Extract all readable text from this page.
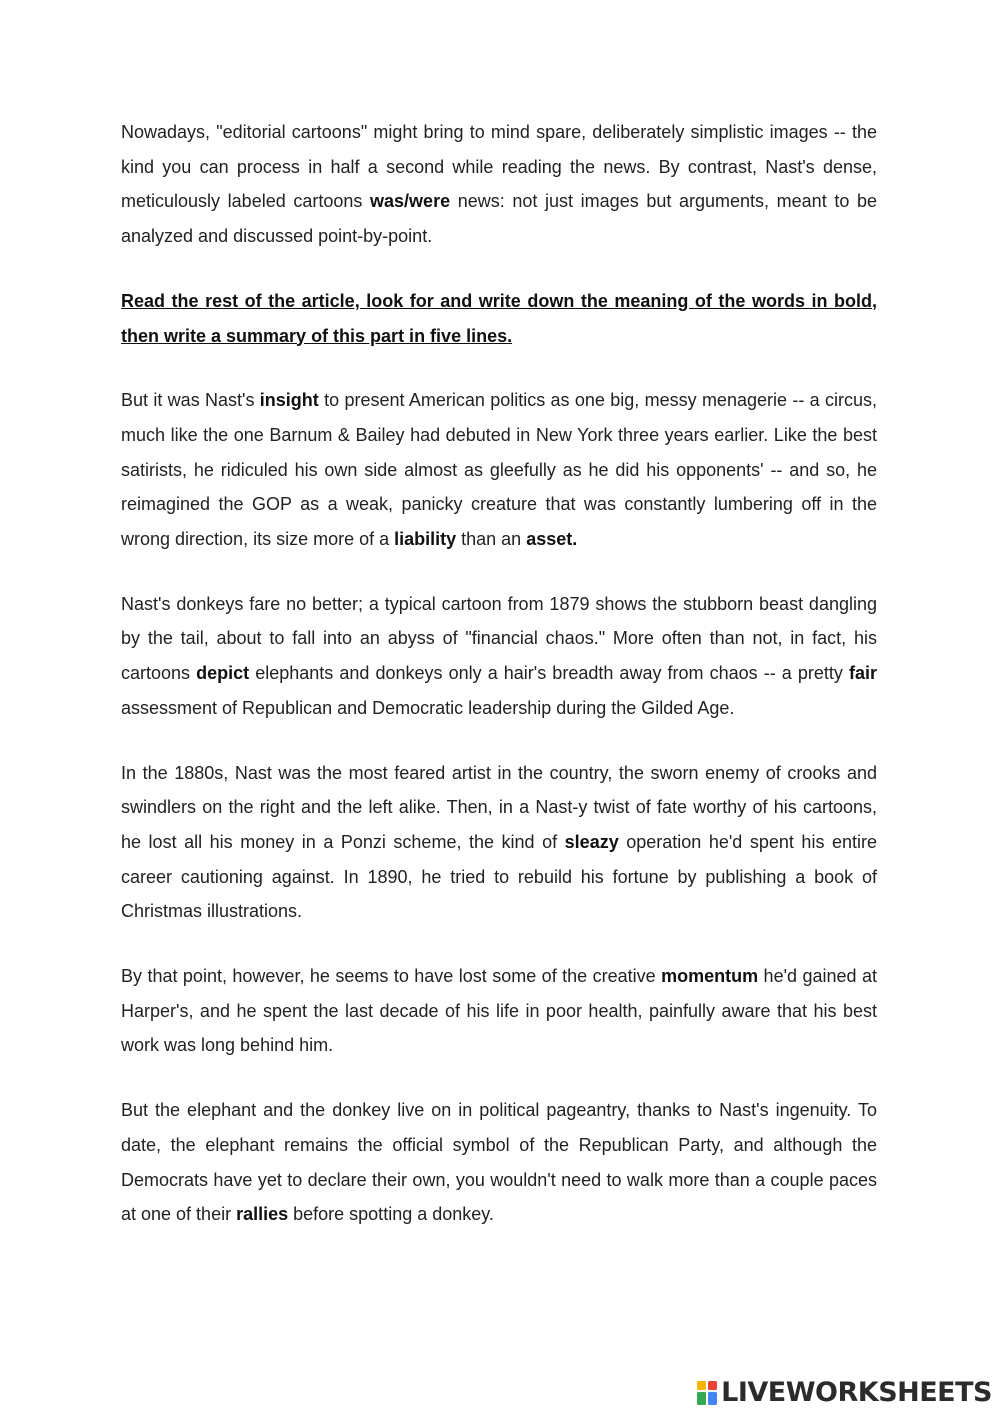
Nowadays, "editorial cartoons" might bring to mind spare, deliberately simplistic images -- the kind you can process in half a second while reading the news. By contrast, Nast's dense, meticulously labeled cartoons was/were news: not just images but arguments, meant to be analyzed and discussed point-by-point.

Read the rest of the article, look for and write down the meaning of the words in bold, then write a summary of this part in five lines.

But it was Nast's insight to present American politics as one big, messy menagerie -- a circus, much like the one Barnum & Bailey had debuted in New York three years earlier. Like the best satirists, he ridiculed his own side almost as gleefully as he did his opponents' -- and so, he reimagined the GOP as a weak, panicky creature that was constantly lumbering off in the wrong direction, its size more of a liability than an asset.

Nast's donkeys fare no better; a typical cartoon from 1879 shows the stubborn beast dangling by the tail, about to fall into an abyss of "financial chaos." More often than not, in fact, his cartoons depict elephants and donkeys only a hair's breadth away from chaos -- a pretty fair assessment of Republican and Democratic leadership during the Gilded Age.

In the 1880s, Nast was the most feared artist in the country, the sworn enemy of crooks and swindlers on the right and the left alike. Then, in a Nast-y twist of fate worthy of his cartoons, he lost all his money in a Ponzi scheme, the kind of sleazy operation he'd spent his entire career cautioning against. In 1890, he tried to rebuild his fortune by publishing a book of Christmas illustrations.

By that point, however, he seems to have lost some of the creative momentum he'd gained at Harper's, and he spent the last decade of his life in poor health, painfully aware that his best work was long behind him.

But the elephant and the donkey live on in political pageantry, thanks to Nast's ingenuity. To date, the elephant remains the official symbol of the Republican Party, and although the Democrats have yet to declare their own, you wouldn't need to walk more than a couple paces at one of their rallies before spotting a donkey.

LIVEWORKSHEETS
